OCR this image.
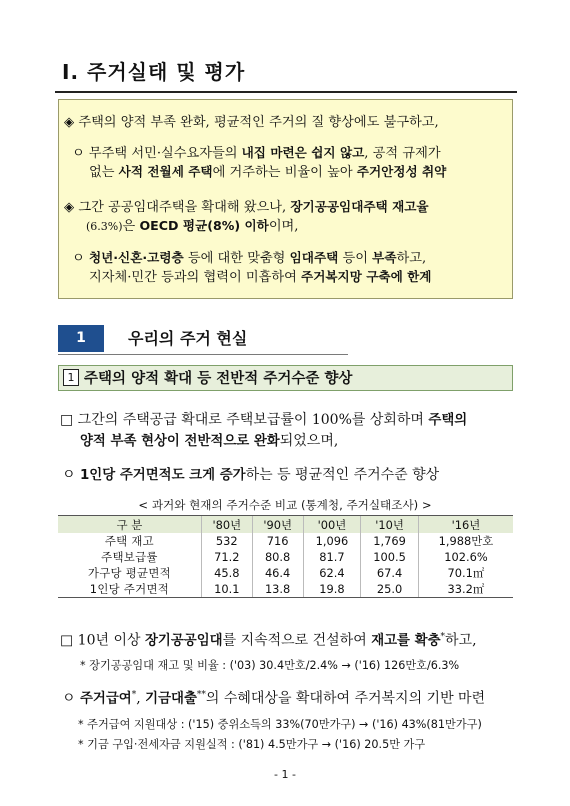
Ⅰ. 주거실태 및 평가
◈ 주택의 양적 부족 완화, 평균적인 주거의 질 향상에도 불구하고,
ㅇ 무주택 서민·실수요자들의 내집 마련은 쉽지 않고, 공적 규제가
없는 사적 전월세 주택에 거주하는 비율이 높아 주거안정성 취약
◈ 그간 공공임대주택을 확대해 왔으나, 장기공공임대주택 재고율
(6.3%)은 OECD 평균(8%) 이하이며,
ㅇ 청년·신혼·고령층 등에 대한 맞춤형 임대주택 등이 부족하고,
지자체·민간 등과의 협력이 미흡하여 주거복지망 구축에 한계
1	우리의 주거 현실
1 주택의 양적 확대 등 전반적 주거수준 향상
□ 그간의 주택공급 확대로 주택보급률이 100%를 상회하며 주택의
양적 부족 현상이 전반적으로 완화되었으며,
ㅇ 1인당 주거면적도 크게 증가하는 등 평균적인 주거수준 향상
< 과거와 현재의 주거수준 비교 (통계청, 주거실태조사) >
구 분	'80년	'90년	'00년	'10년	'16년
주택 재고	532	716	1,096	1,769	1,988만호
주택보급률	71.2	80.8	81.7	100.5	102.6%
가구당 평균면적	45.8	46.4	62.4	67.4	70.1㎡
1인당 주거면적	10.1	13.8	19.8	25.0	33.2㎡
□ 10년 이상 장기공공임대를 지속적으로 건설하여 재고를 확충*하고,
* 장기공공임대 재고 및 비율 : ('03) 30.4만호/2.4% → ('16) 126만호/6.3%
ㅇ 주거급여*, 기금대출**의 수혜대상을 확대하여 주거복지의 기반 마련
* 주거급여 지원대상 : ('15) 중위소득의 33%(70만가구) → ('16) 43%(81만가구)
* 기금 구입·전세자금 지원실적 : ('81) 4.5만가구 → ('16) 20.5만 가구
- 1 -
